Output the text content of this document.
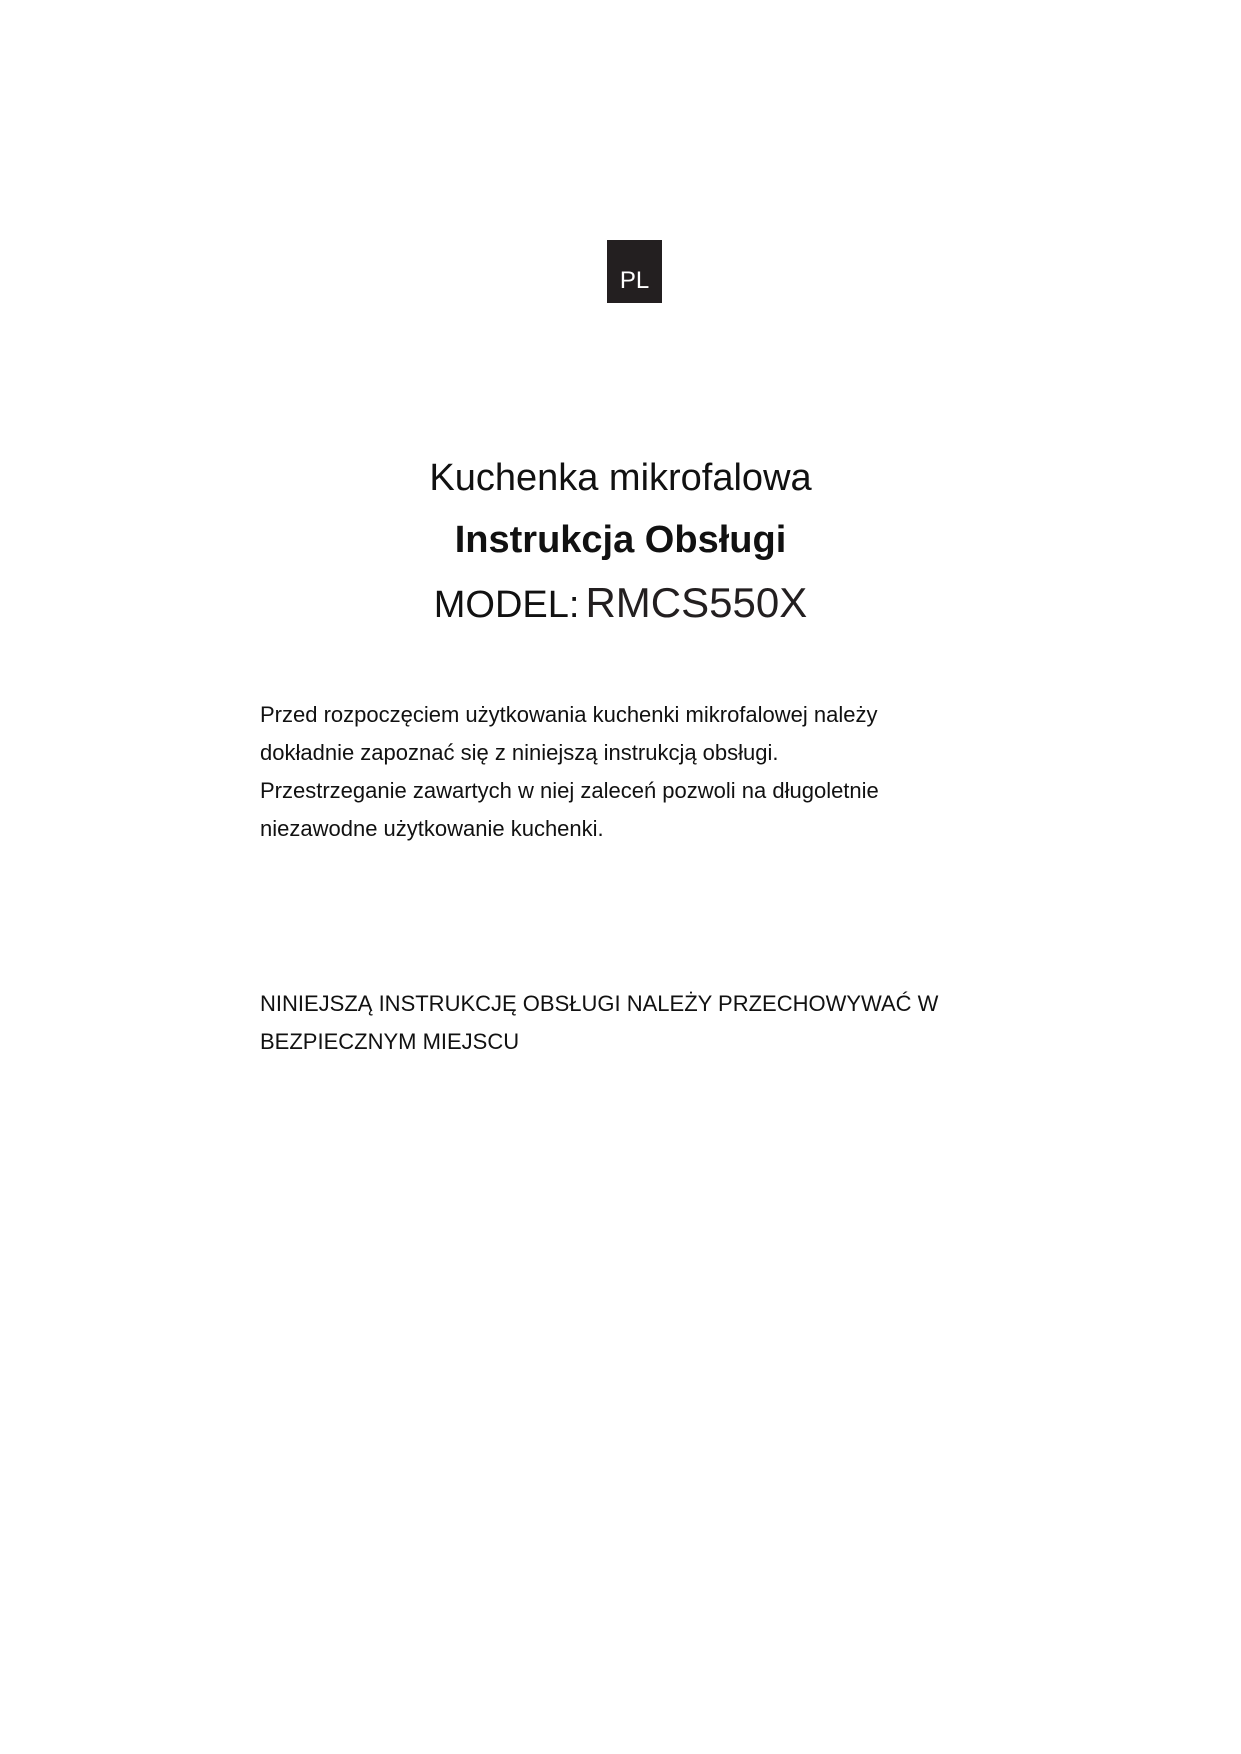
PL
Kuchenka mikrofalowa
Instrukcja Obsługi
MODEL: RMCS550X

Przed rozpoczęciem użytkowania kuchenki mikrofalowej należy
dokładnie zapoznać się z niniejszą instrukcją obsługi.
Przestrzeganie zawartych w niej zaleceń pozwoli na długoletnie
niezawodne użytkowanie kuchenki.

NINIEJSZĄ INSTRUKCJĘ OBSŁUGI NALEŻY PRZECHOWYWAĆ W
BEZPIECZNYM MIEJSCU
